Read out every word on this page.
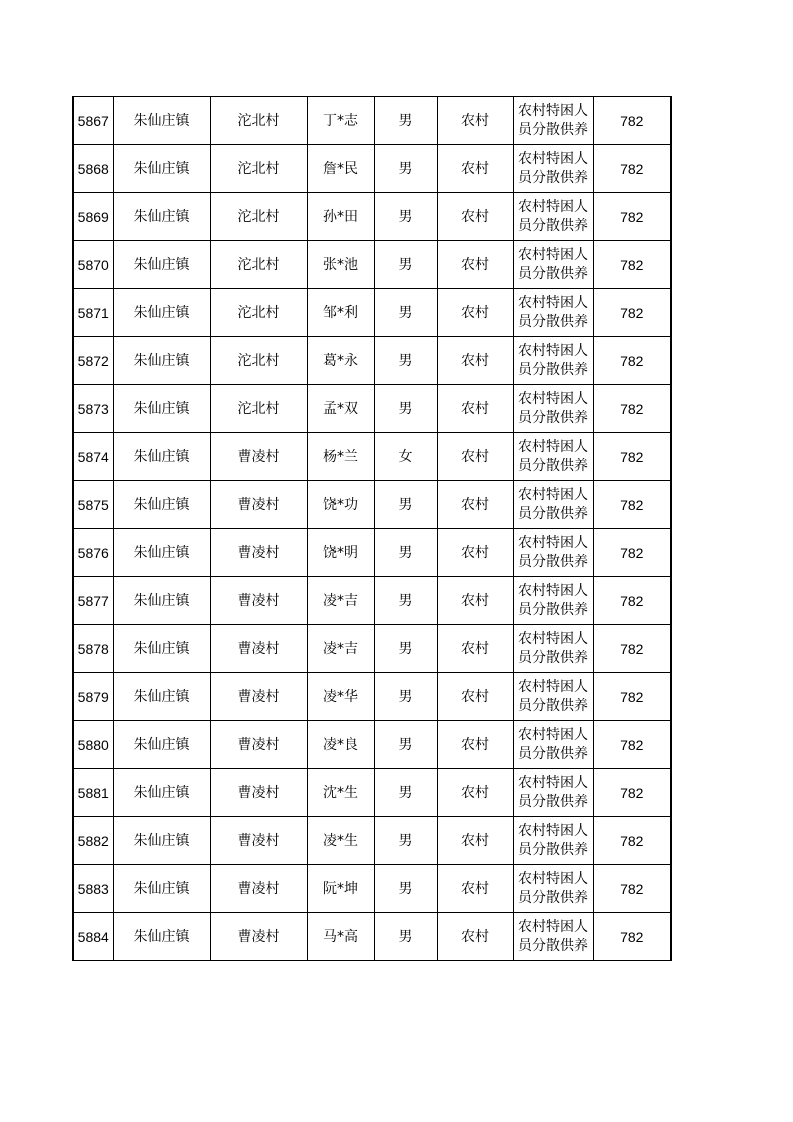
5867	朱仙庄镇	沱北村	丁*志	男	农村	农村特困人员分散供养	782
5868	朱仙庄镇	沱北村	詹*民	男	农村	农村特困人员分散供养	782
5869	朱仙庄镇	沱北村	孙*田	男	农村	农村特困人员分散供养	782
5870	朱仙庄镇	沱北村	张*池	男	农村	农村特困人员分散供养	782
5871	朱仙庄镇	沱北村	邹*利	男	农村	农村特困人员分散供养	782
5872	朱仙庄镇	沱北村	葛*永	男	农村	农村特困人员分散供养	782
5873	朱仙庄镇	沱北村	孟*双	男	农村	农村特困人员分散供养	782
5874	朱仙庄镇	曹凌村	杨*兰	女	农村	农村特困人员分散供养	782
5875	朱仙庄镇	曹凌村	饶*功	男	农村	农村特困人员分散供养	782
5876	朱仙庄镇	曹凌村	饶*明	男	农村	农村特困人员分散供养	782
5877	朱仙庄镇	曹凌村	凌*吉	男	农村	农村特困人员分散供养	782
5878	朱仙庄镇	曹凌村	凌*吉	男	农村	农村特困人员分散供养	782
5879	朱仙庄镇	曹凌村	凌*华	男	农村	农村特困人员分散供养	782
5880	朱仙庄镇	曹凌村	凌*良	男	农村	农村特困人员分散供养	782
5881	朱仙庄镇	曹凌村	沈*生	男	农村	农村特困人员分散供养	782
5882	朱仙庄镇	曹凌村	凌*生	男	农村	农村特困人员分散供养	782
5883	朱仙庄镇	曹凌村	阮*坤	男	农村	农村特困人员分散供养	782
5884	朱仙庄镇	曹凌村	马*高	男	农村	农村特困人员分散供养	782
